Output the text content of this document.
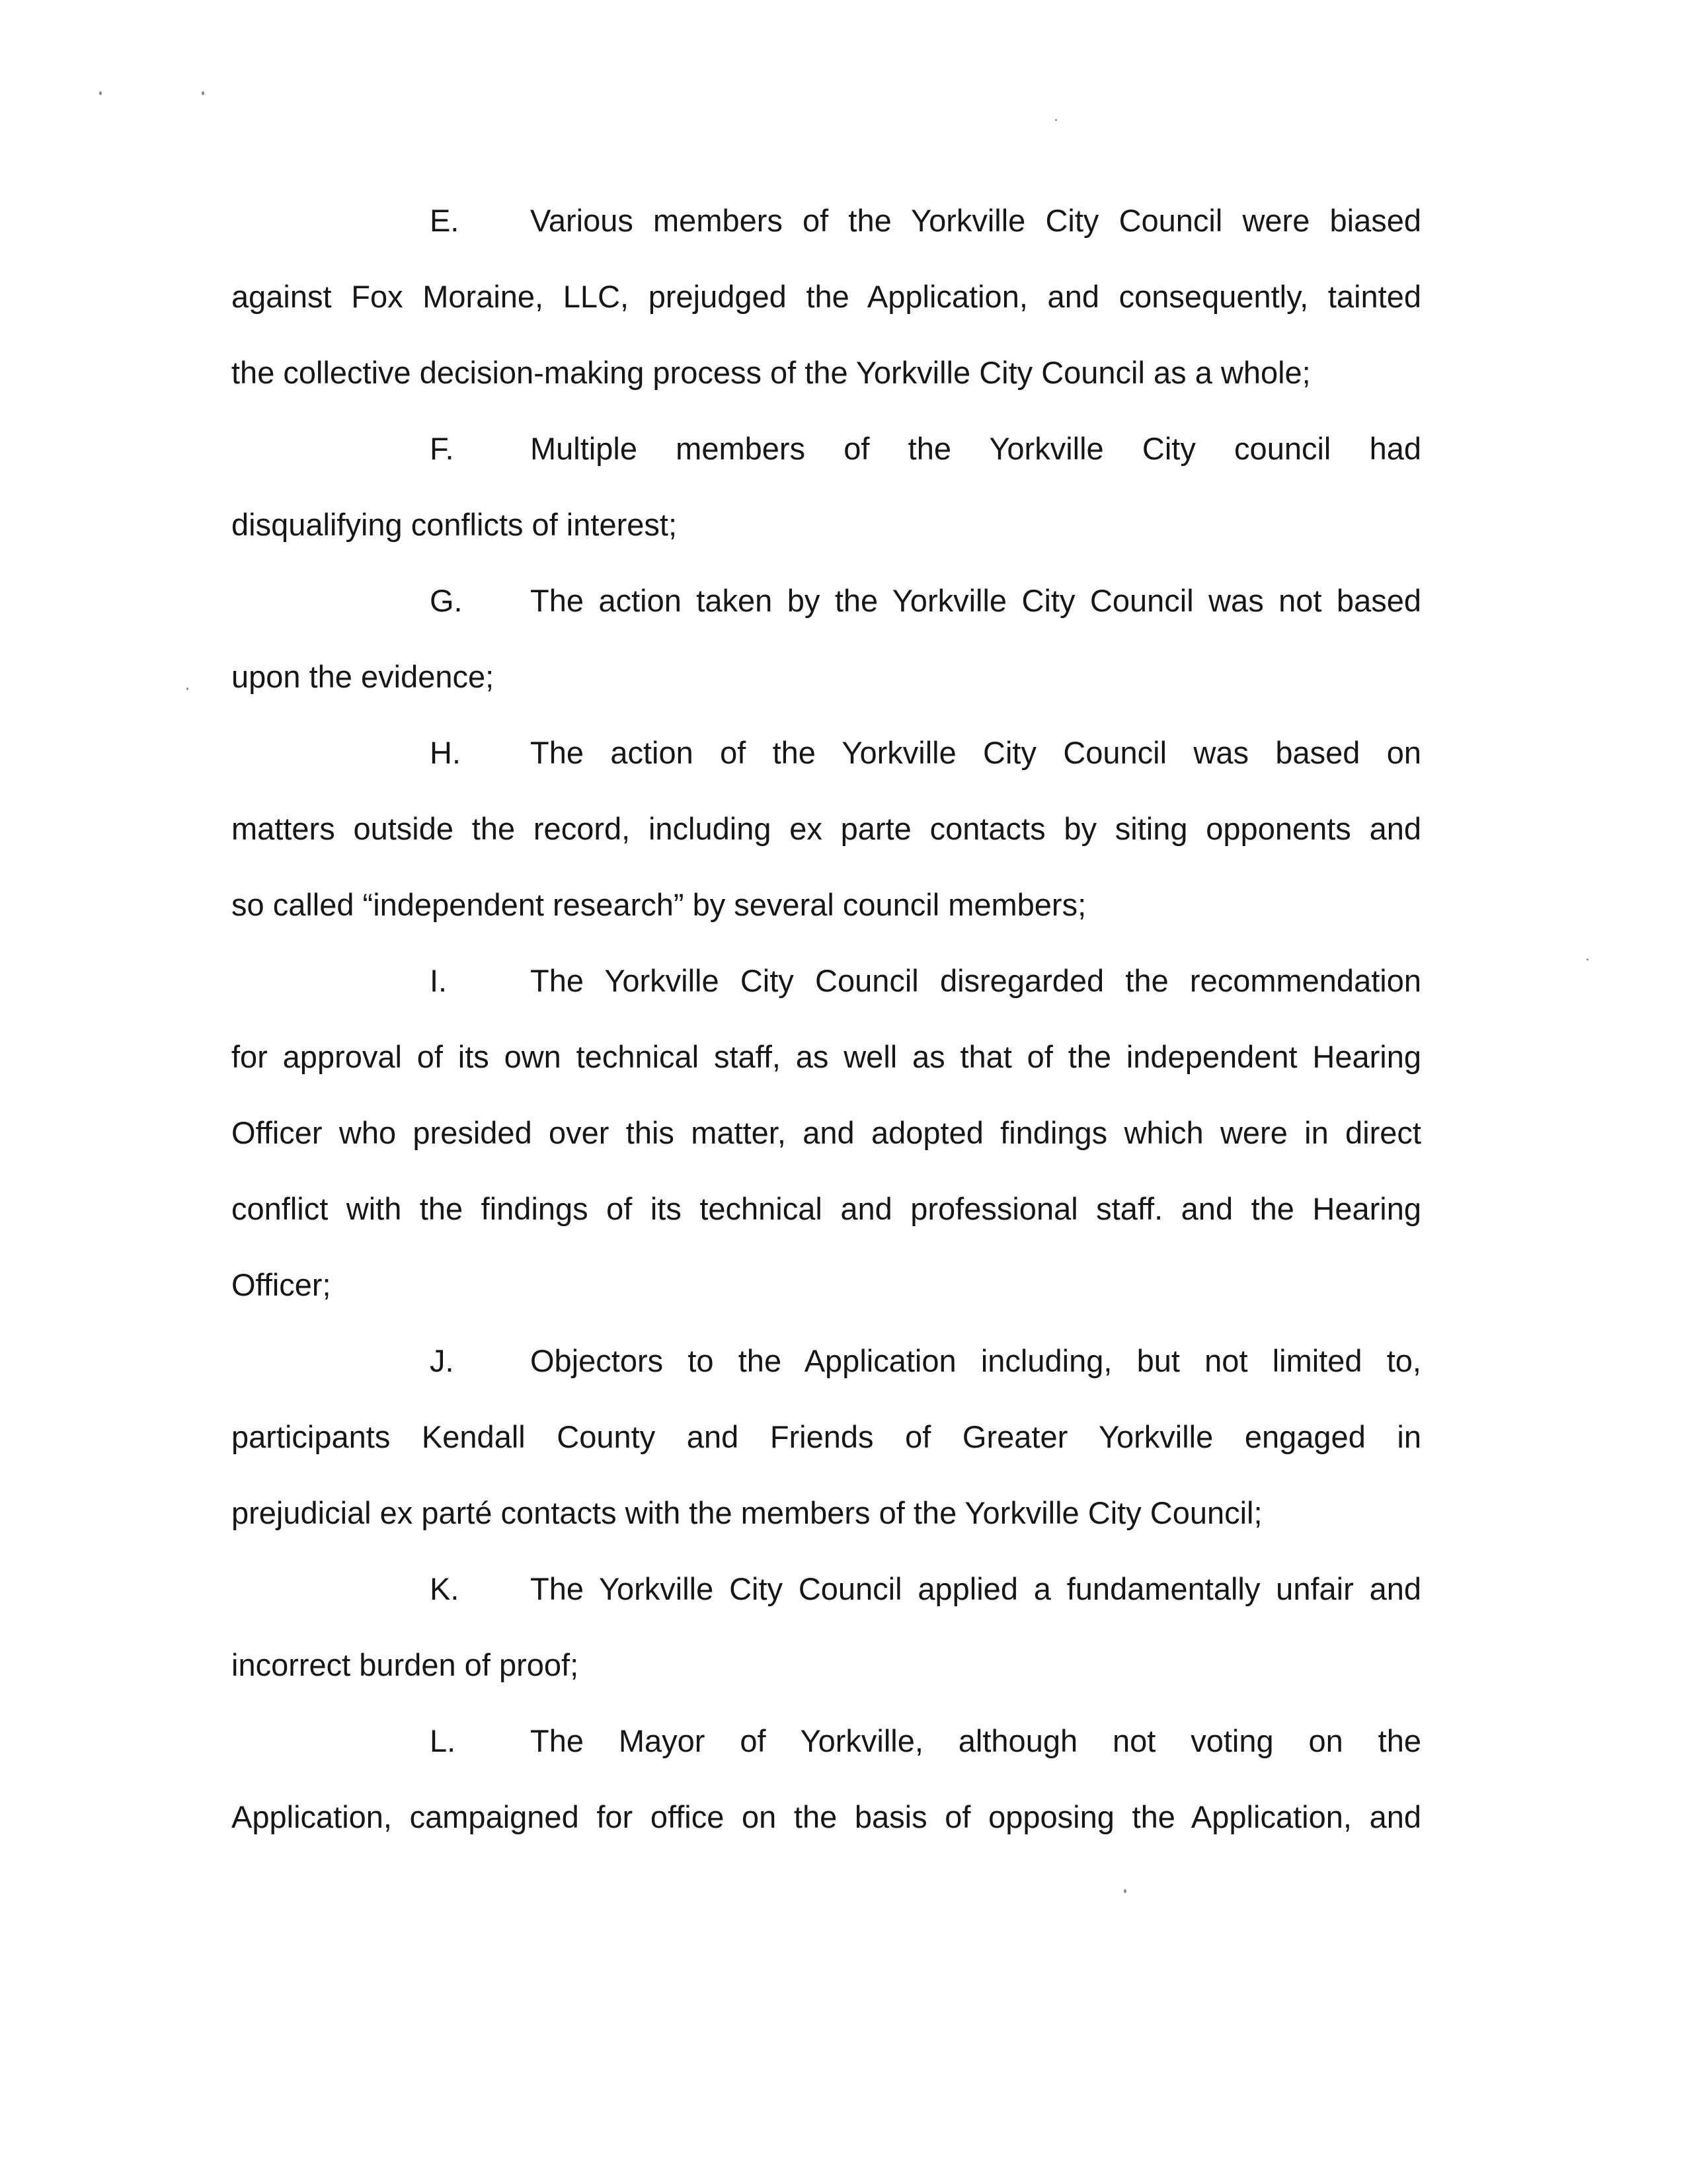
E. Various members of the Yorkville City Council were biased
against Fox Moraine, LLC, prejudged the Application, and consequently, tainted
the collective decision-making process of the Yorkville City Council as a whole;
F. Multiple members of the Yorkville City council had
disqualifying conflicts of interest;
G. The action taken by the Yorkville City Council was not based
upon the evidence;
H. The action of the Yorkville City Council was based on
matters outside the record, including ex parte contacts by siting opponents and
so called “independent research” by several council members;
I.	The Yorkville City Council disregarded the recommendation
for approval of its own technical staff, as well as that of the independent Hearing
Officer who presided over this matter, and adopted findings which were in direct
conflict with the findings of its technical and professional staff. and the Hearing
Officer;
J. Objectors to the Application including, but not limited to,
participants Kendall County and Friends of Greater Yorkville engaged in
prejudicial ex parté contacts with the members of the Yorkville City Council;
K. The Yorkville City Council applied a fundamentally unfair and
incorrect burden of proof;
L. The Mayor of Yorkville, although not voting on the
Application, campaigned for office on the basis of opposing the Application, and
